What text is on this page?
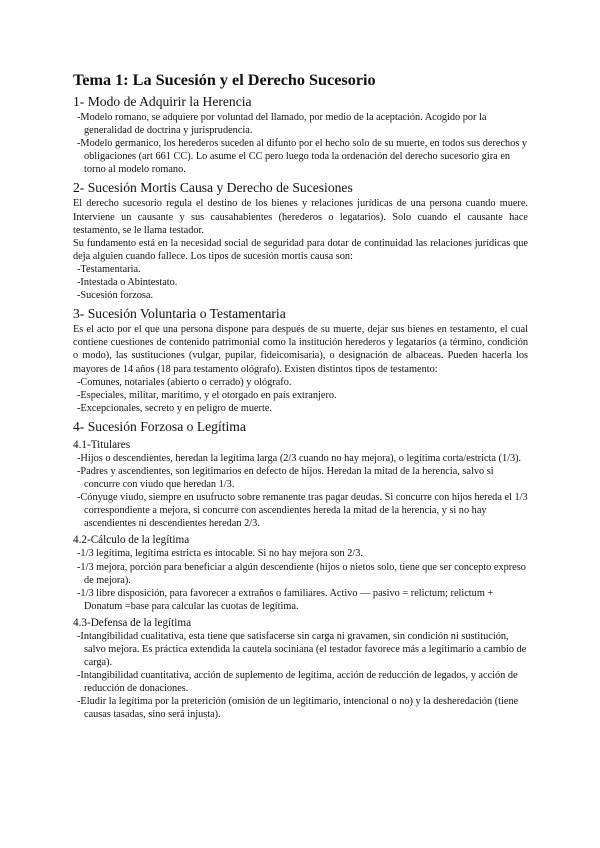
Tema 1: La Sucesión y el Derecho Sucesorio
1- Modo de Adquirir la Herencia
-Modelo romano, se adquiere por voluntad del llamado, por medio de la aceptación. Acogido por la generalidad de doctrina y jurisprudencia.
-Modelo germanico, los herederos suceden al difunto por el hecho solo de su muerte, en todos sus derechos y obligaciones (art 661 CC). Lo asume el CC pero luego toda la ordenación del derecho sucesorio gira en torno al modelo romano.
2- Sucesión Mortis Causa y Derecho de Sucesiones

El derecho sucesorio regula el destino de los bienes y relaciones jurídicas de una persona cuando muere. Interviene un causante y sus causahabientes (herederos o legatarios). Solo cuando el causante hace testamento, se le llama testador.

Su fundamento está en la necesidad social de seguridad para dotar de continuidad las relaciones jurídicas que deja alguien cuando fallece. Los tipos de sucesión mortis causa son:

-Testamentaria.
-Intestada o Abintestato.
-Sucesión forzosa.
3- Sucesión Voluntaria o Testamentaria

Es el acto por el que una persona dispone para después de su muerte, dejar sus bienes en testamento, el cual contiene cuestiones de contenido patrimonial como la institución herederos y legatarios (a término, condición o modo), las sustituciones (vulgar, pupilar, fideicomisaria), o designación de albaceas. Pueden hacerla los mayores de 14 años (18 para testamento ológrafo). Existen distintos tipos de testamento:

-Comunes, notariales (abierto o cerrado) y ológrafo.
-Especiales, militar, marítimo, y el otorgado en país extranjero.
-Excepcionales, secreto y en peligro de muerte.
4- Sucesión Forzosa o Legítima
4.1-Titulares
-Hijos o descendientes, heredan la legítima larga (2/3 cuando no hay mejora), o legítima corta/estricta (1/3).
-Padres y ascendientes, son legitimarios en defecto de hijos. Heredan la mitad de la herencia, salvo si concurre con viudo que heredan 1/3.
-Cónyuge viudo, siempre en usufructo sobre remanente tras pagar deudas. Si concurre con hijos hereda el 1/3 correspondiente a mejora, si concurre con ascendientes hereda la mitad de la herencia, y si no hay ascendientes ni descendientes heredan 2/3.
4.2-Cálculo de la legítima
-1/3 legítima, legítima estricta es intocable. Si no hay mejora son 2/3.
-1/3 mejora, porción para beneficiar a algún descendiente (hijos o nietos solo, tiene que ser concepto expreso de mejora).
-1/3 libre disposición, para favorecer a extraños o familiares. Activo — pasivo = relictum; relictum + Donatum =base para calcular las cuotas de legítima.
4.3-Defensa de la legítima
-Intangibilidad cualitativa, esta tiene que satisfacerse sin carga ni gravamen, sin condición ni sustitución, salvo mejora. Es práctica extendida la cautela sociniana (el testador favorece más a legitimario a cambio de carga).
-Intangibilidad cuantitativa, acción de suplemento de legítima, acción de reducción de legados, y acción de reducción de donaciones.
-Eludir la legítima por la preterición (omisión de un legitimario, intencional o no) y la desheredación (tiene causas tasadas, sino será injusta).
